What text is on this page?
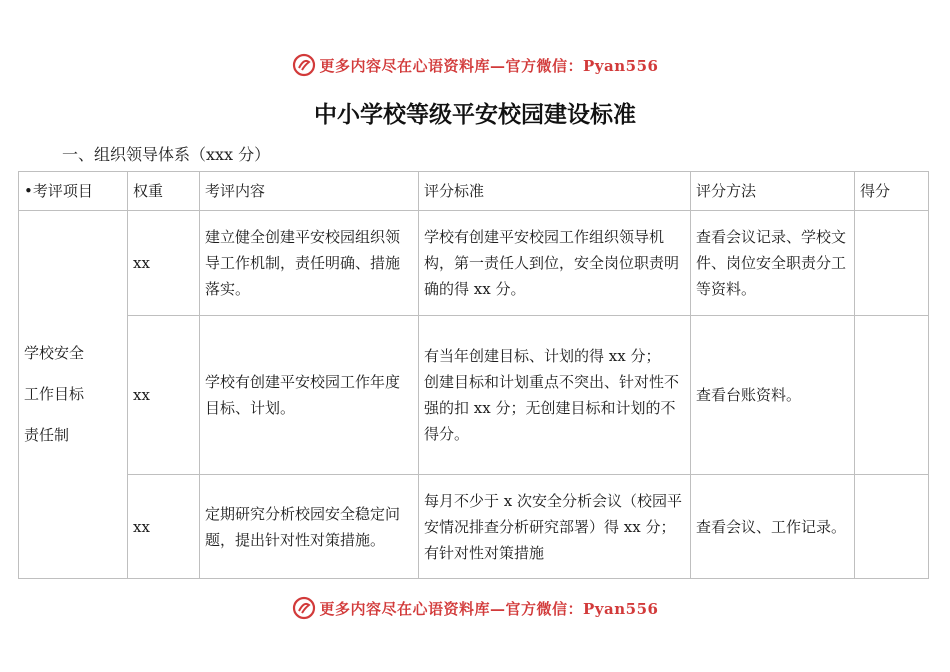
更多内容尽在心语资料库—官方微信：Pyan556
中小学校等级平安校园建设标准
一、组织领导体系（xxx 分）
•考评项目	权重	考评内容	评分标准	评分方法	得分
学校安全
工作目标
责任制	xx	建立健全创建平安校园组织领导工作机制，责任明确、措施落实。	学校有创建平安校园工作组织领导机构，第一责任人到位，安全岗位职责明确的得 xx 分。	查看会议记录、学校文件、岗位安全职责分工等资料。	
	xx	学校有创建平安校园工作年度目标、计划。	有当年创建目标、计划的得 xx 分；
创建目标和计划重点不突出、针对性不强的扣 xx 分；无创建目标和计划的不得分。	查看台账资料。	
	xx	定期研究分析校园安全稳定问题，提出针对性对策措施。	每月不少于 x 次安全分析会议（校园平安情况排查分析研究部署）得 xx 分；有针对性对策措施	查看会议、工作记录。	
更多内容尽在心语资料库—官方微信：Pyan556
